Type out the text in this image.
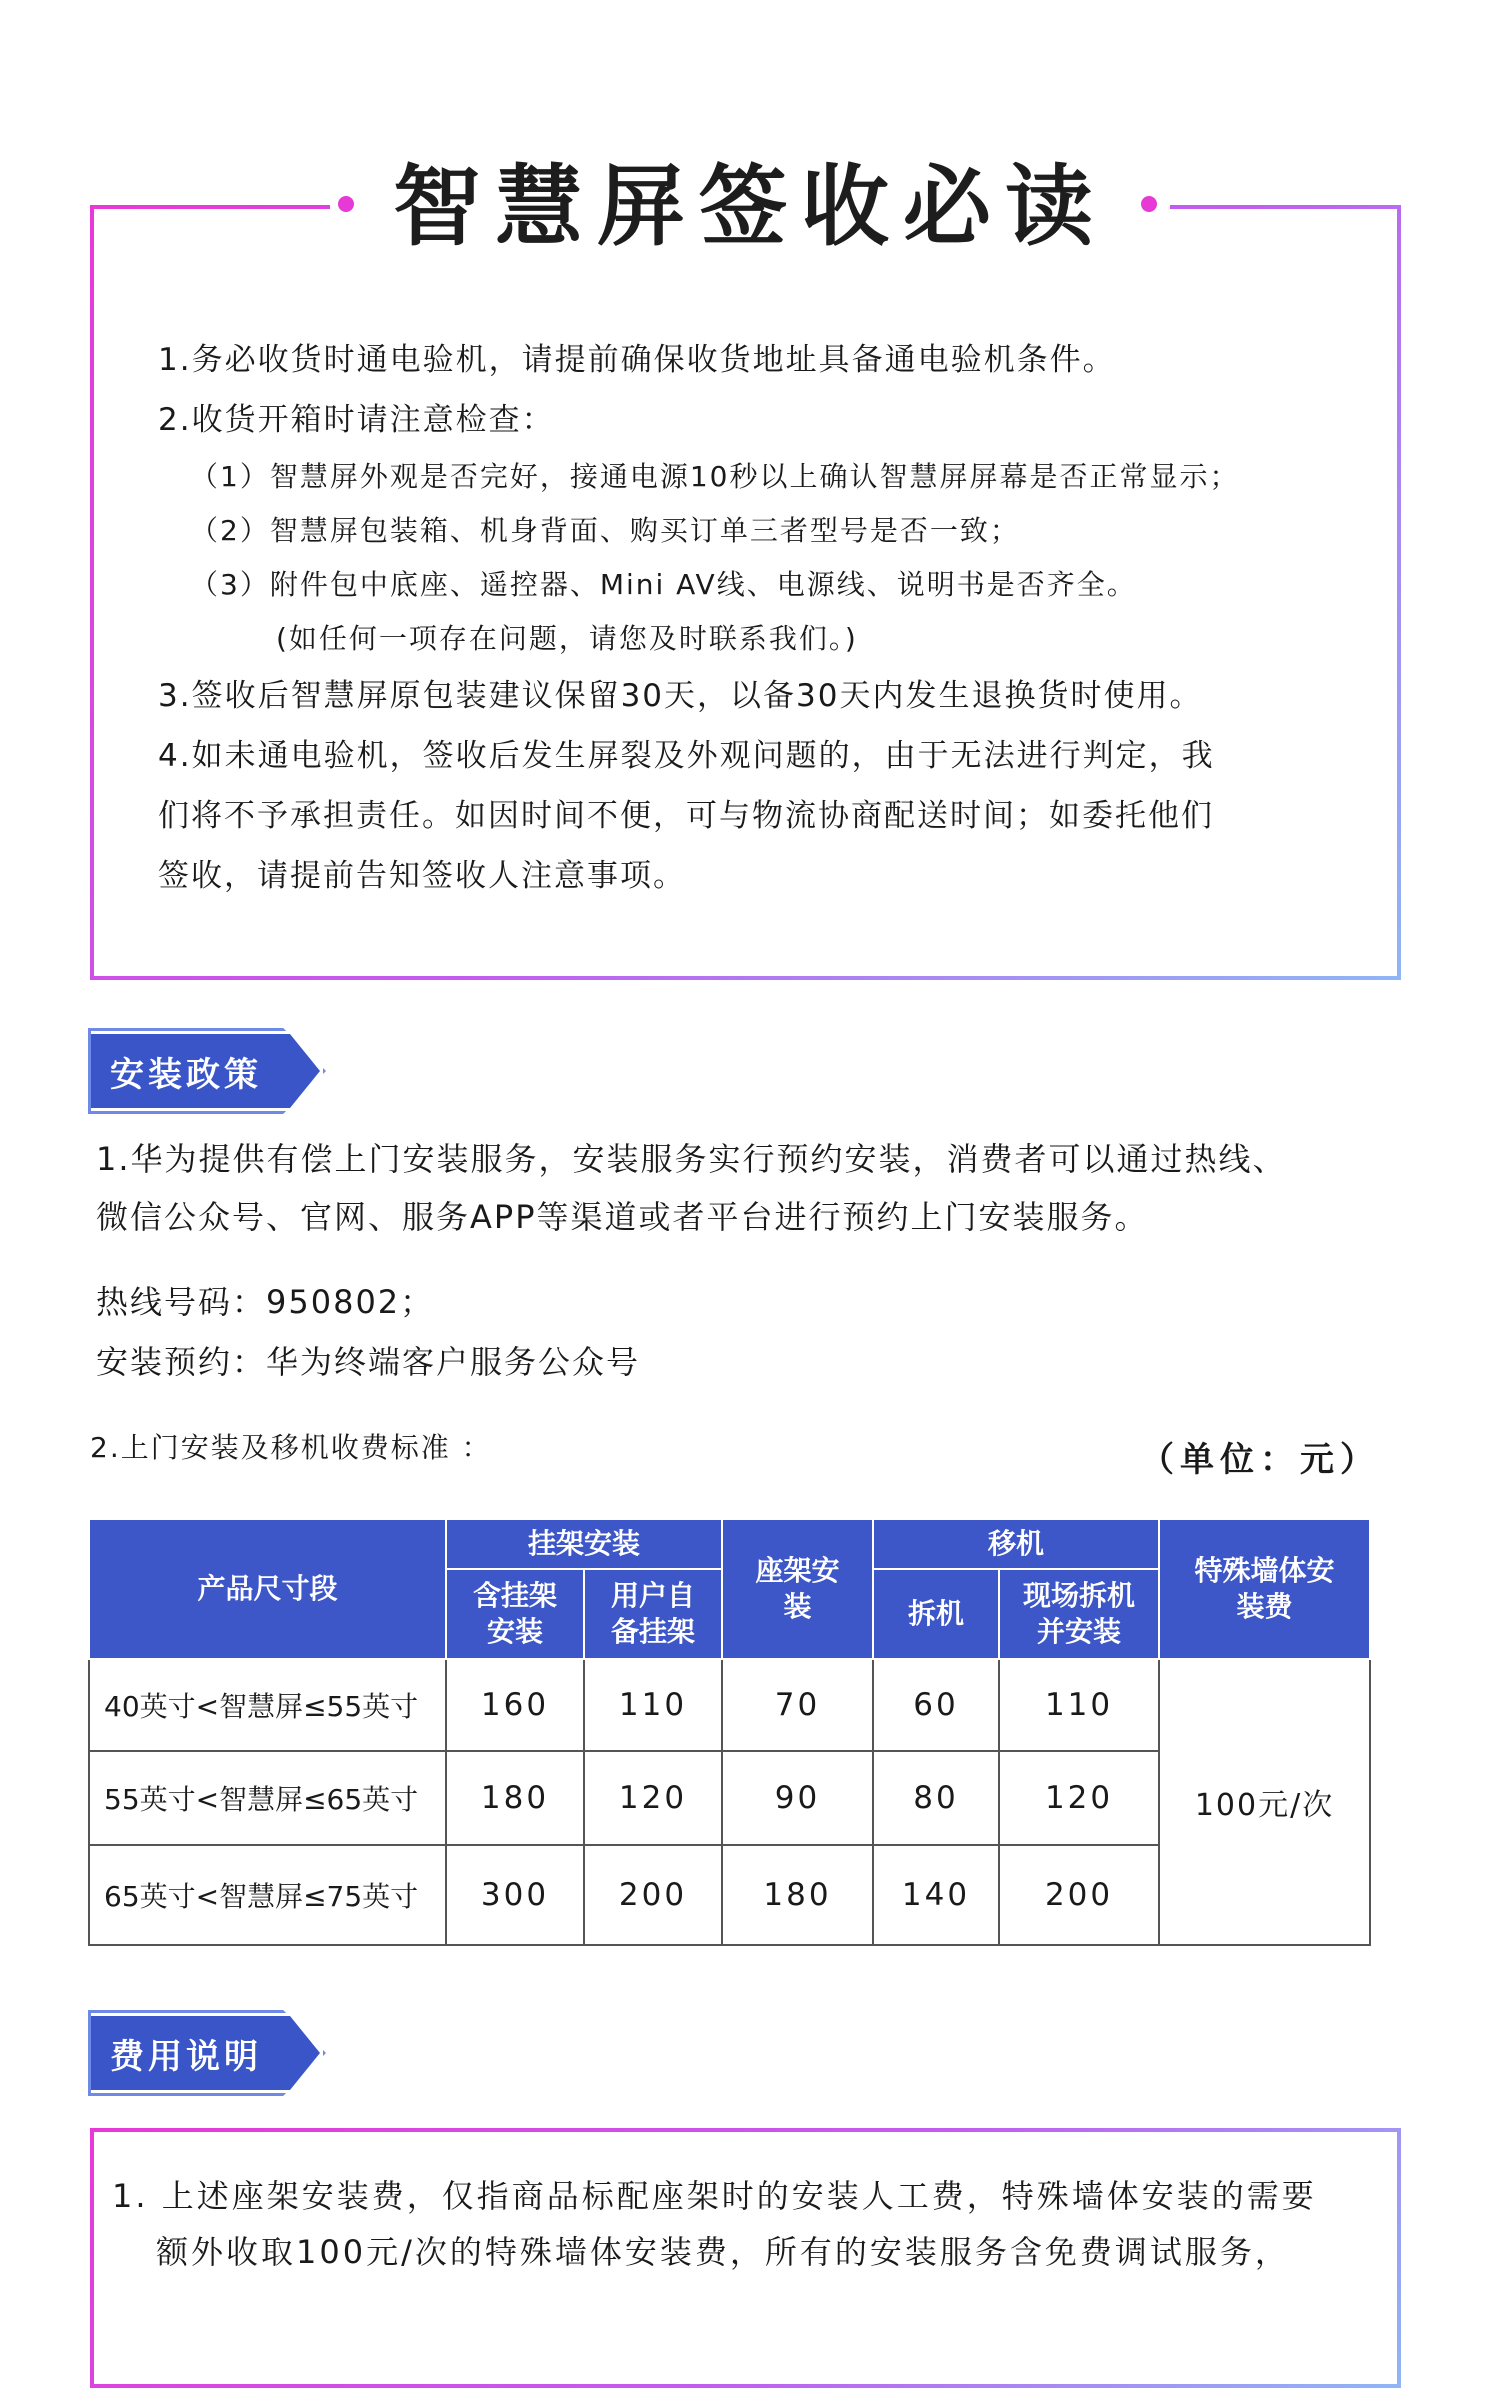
智慧屏签收必读

1.务必收货时通电验机，请提前确保收货地址具备通电验机条件。

2.收货开箱时请注意检查：

（1）智慧屏外观是否完好，接通电源10秒以上确认智慧屏屏幕是否正常显示；

（2）智慧屏包装箱、机身背面、购买订单三者型号是否一致；

（3）附件包中底座、遥控器、Mini AV线、电源线、说明书是否齐全。

(如任何一项存在问题，请您及时联系我们。)

3.签收后智慧屏原包装建议保留30天，以备30天内发生退换货时使用。

4.如未通电验机，签收后发生屏裂及外观问题的，由于无法进行判定，我

们将不予承担责任。如因时间不便，可与物流协商配送时间；如委托他们

签收，请提前告知签收人注意事项。

安装政策

1.华为提供有偿上门安装服务，安装服务实行预约安装，消费者可以通过热线、

微信公众号、官网、服务APP等渠道或者平台进行预约上门安装服务。

热线号码：950802；

安装预约：华为终端客户服务公众号

2.上门安装及移机收费标准 ：	（单位：元）
产品尺寸段	挂架安装		座架安装	移机		特殊墙体安装费
	含挂架安装	用户自备挂架		拆机	现场拆机并安装	
40英寸<智慧屏≤55英寸	160	110	70	60	110	100元/次
55英寸<智慧屏≤65英寸	180	120	90	80	120	
65英寸<智慧屏≤75英寸	300	200	180	140	200	
费用说明

1. 上述座架安装费，仅指商品标配座架时的安装人工费，特殊墙体安装的需要

额外收取100元/次的特殊墙体安装费，所有的安装服务含免费调试服务，
